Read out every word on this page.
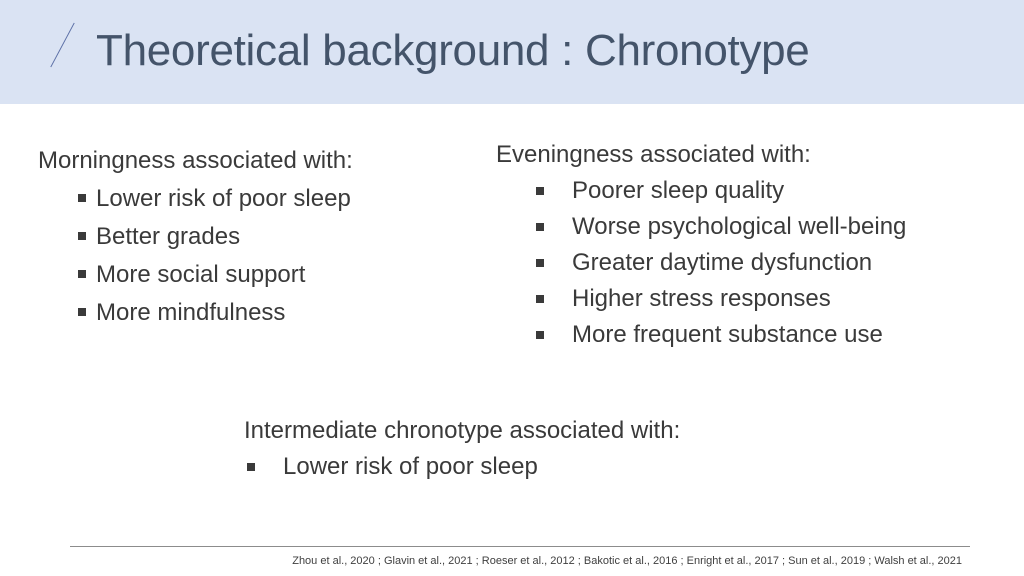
Theoretical background : Chronotype
Morningness associated with:
Lower risk of poor sleep
Better grades
More social support
More mindfulness
Eveningness associated with:
Poorer sleep quality
Worse psychological well-being
Greater daytime dysfunction
Higher stress responses
More frequent substance use
Intermediate chronotype associated with:
Lower risk of poor sleep
Zhou et al., 2020 ; Glavin et al., 2021 ; Roeser et al., 2012 ; Bakotic et al., 2016 ; Enright et al., 2017 ; Sun et al., 2019 ; Walsh et al., 2021
